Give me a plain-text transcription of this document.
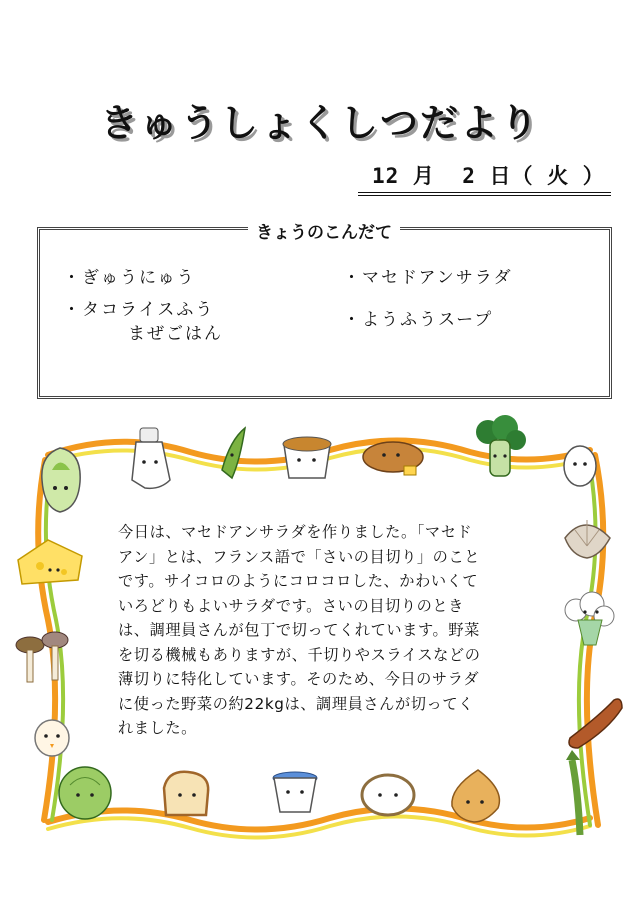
きゅうしょくしつだより
12 月  2 日（ 火 ）
きょうのこんだて
・ぎゅうにゅう
・タコライスふう
まぜごはん
・マセドアンサラダ
・ようふうスープ
今日は、マセドアンサラダを作りました。「マセド
アン」とは、フランス語で「さいの目切り」のこと
です。サイコロのようにコロコロした、かわいくて
いろどりもよいサラダです。さいの目切りのとき
は、調理員さんが包丁で切ってくれています。野菜
を切る機械もありますが、千切りやスライスなどの
薄切りに特化しています。そのため、今日のサラダ
に使った野菜の約22kgは、調理員さんが切ってく
れました。
